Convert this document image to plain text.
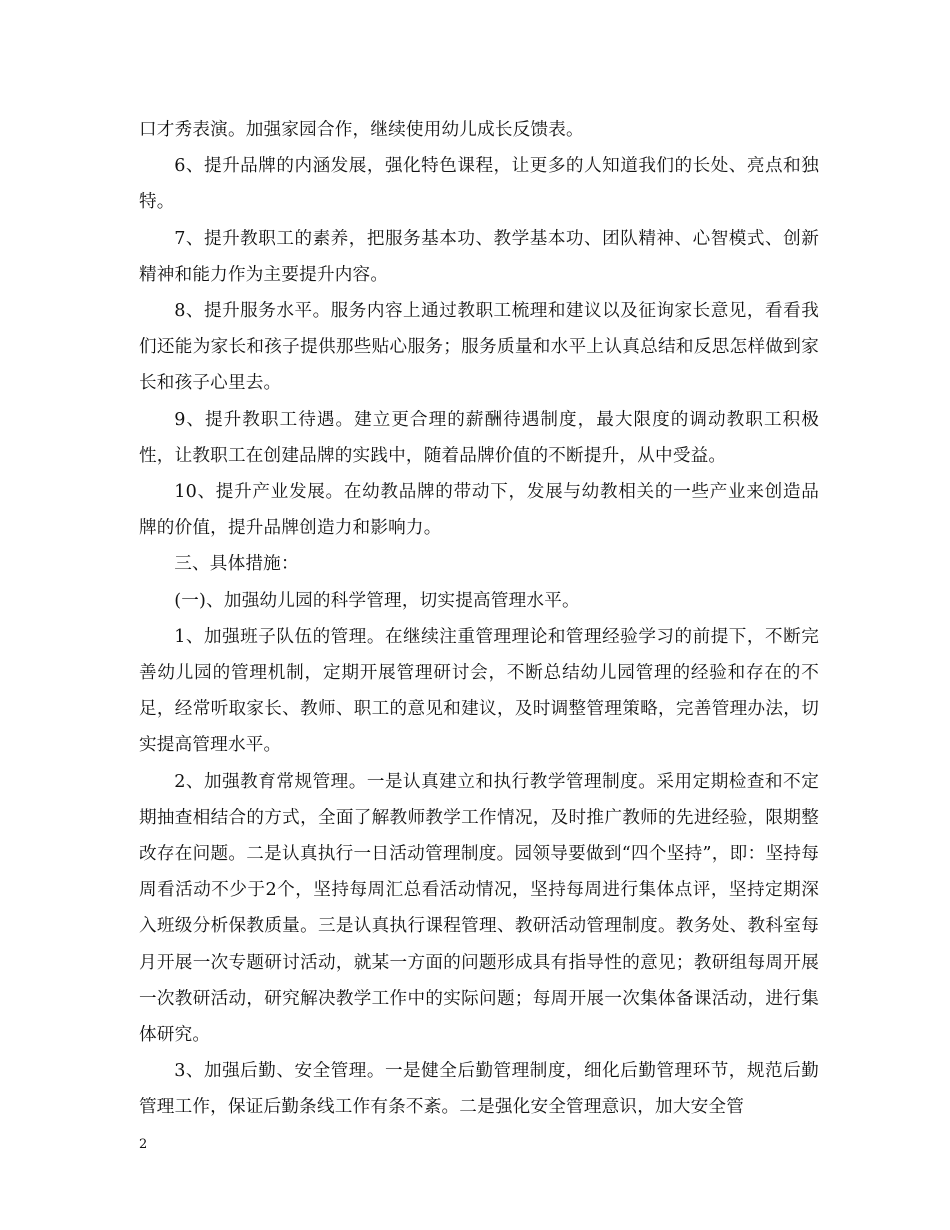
口才秀表演。加强家园合作，继续使用幼儿成长反馈表。

6、提升品牌的内涵发展，强化特色课程，让更多的人知道我们的长处、亮点和独特。

7、提升教职工的素养，把服务基本功、教学基本功、团队精神、心智模式、创新精神和能力作为主要提升内容。

8、提升服务水平。服务内容上通过教职工梳理和建议以及征询家长意见，看看我们还能为家长和孩子提供那些贴心服务；服务质量和水平上认真总结和反思怎样做到家长和孩子心里去。

9、提升教职工待遇。建立更合理的薪酬待遇制度，最大限度的调动教职工积极性，让教职工在创建品牌的实践中，随着品牌价值的不断提升，从中受益。

10、提升产业发展。在幼教品牌的带动下，发展与幼教相关的一些产业来创造品牌的价值，提升品牌创造力和影响力。

三、具体措施：

(一)、加强幼儿园的科学管理，切实提高管理水平。

1、加强班子队伍的管理。在继续注重管理理论和管理经验学习的前提下，不断完善幼儿园的管理机制，定期开展管理研讨会，不断总结幼儿园管理的经验和存在的不足，经常听取家长、教师、职工的意见和建议，及时调整管理策略，完善管理办法，切实提高管理水平。

2、加强教育常规管理。一是认真建立和执行教学管理制度。采用定期检查和不定期抽查相结合的方式，全面了解教师教学工作情况，及时推广教师的先进经验，限期整改存在问题。二是认真执行一日活动管理制度。园领导要做到“四个坚持”，即：坚持每周看活动不少于2个，坚持每周汇总看活动情况，坚持每周进行集体点评，坚持定期深入班级分析保教质量。三是认真执行课程管理、教研活动管理制度。教务处、教科室每月开展一次专题研讨活动，就某一方面的问题形成具有指导性的意见；教研组每周开展一次教研活动，研究解决教学工作中的实际问题；每周开展一次集体备课活动，进行集体研究。

3、加强后勤、安全管理。一是健全后勤管理制度，细化后勤管理环节，规范后勤管理工作，保证后勤条线工作有条不紊。二是强化安全管理意识，加大安全管

2
